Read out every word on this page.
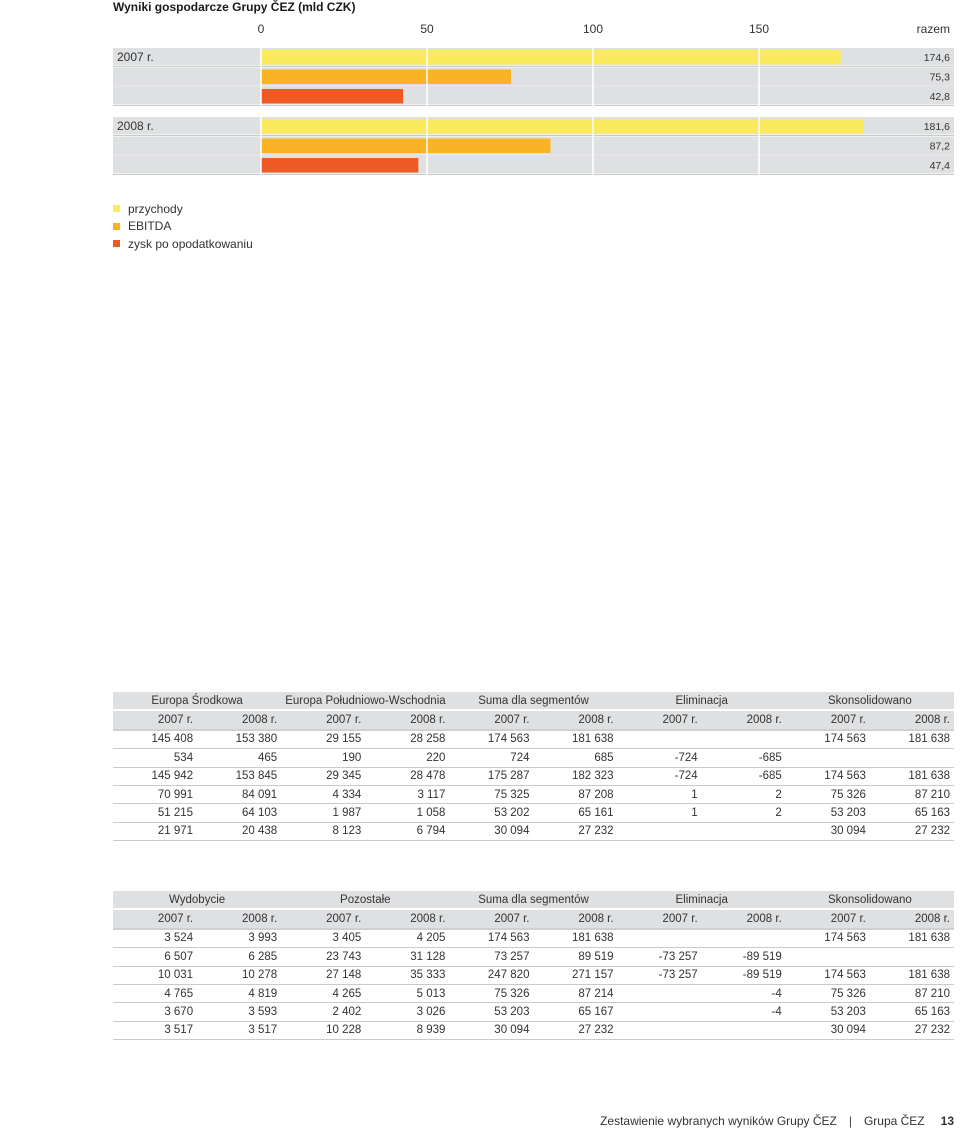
Wyniki gospodarcze Grupy ČEZ (mld CZK)
0	50	100	150	razem
174,6
2007 r.
75,3
42,8
181,6
2008 r.
87,2
47,4
przychody
EBITDA
zysk po opodatkowaniu
Europa Środkowa		Europa Południowo-Wschodnia		Suma dla segmentów		Eliminacja		Skonsolidowano	
2007 r.	2008 r.	2007 r.	2008 r.	2007 r.	2008 r.	2007 r.	2008 r.	2007 r.	2008 r.
145 408	153 380	29 155	28 258	174 563	181 638			174 563	181 638
534	465	190	220	724	685	-724	-685		
145 942	153 845	29 345	28 478	175 287	182 323	-724	-685	174 563	181 638
70 991	84 091	4 334	3 117	75 325	87 208	1	2	75 326	87 210
51 215	64 103	1 987	1 058	53 202	65 161	1	2	53 203	65 163
21 971	20 438	8 123	6 794	30 094	27 232			30 094	27 232
Wydobycie		Pozostałe		Suma dla segmentów		Eliminacja		Skonsolidowano	
2007 r.	2008 r.	2007 r.	2008 r.	2007 r.	2008 r.	2007 r.	2008 r.	2007 r.	2008 r.
3 524	3 993	3 405	4 205	174 563	181 638			174 563	181 638
6 507	6 285	23 743	31 128	73 257	89 519	-73 257	-89 519		
10 031	10 278	27 148	35 333	247 820	271 157	-73 257	-89 519	174 563	181 638
4 765	4 819	4 265	5 013	75 326	87 214		-4	75 326	87 210
3 670	3 593	2 402	3 026	53 203	65 167		-4	53 203	65 163
3 517	3 517	10 228	8 939	30 094	27 232			30 094	27 232
Zestawienie wybranych wyników Grupy ČEZ | Grupa ČEZ 13
